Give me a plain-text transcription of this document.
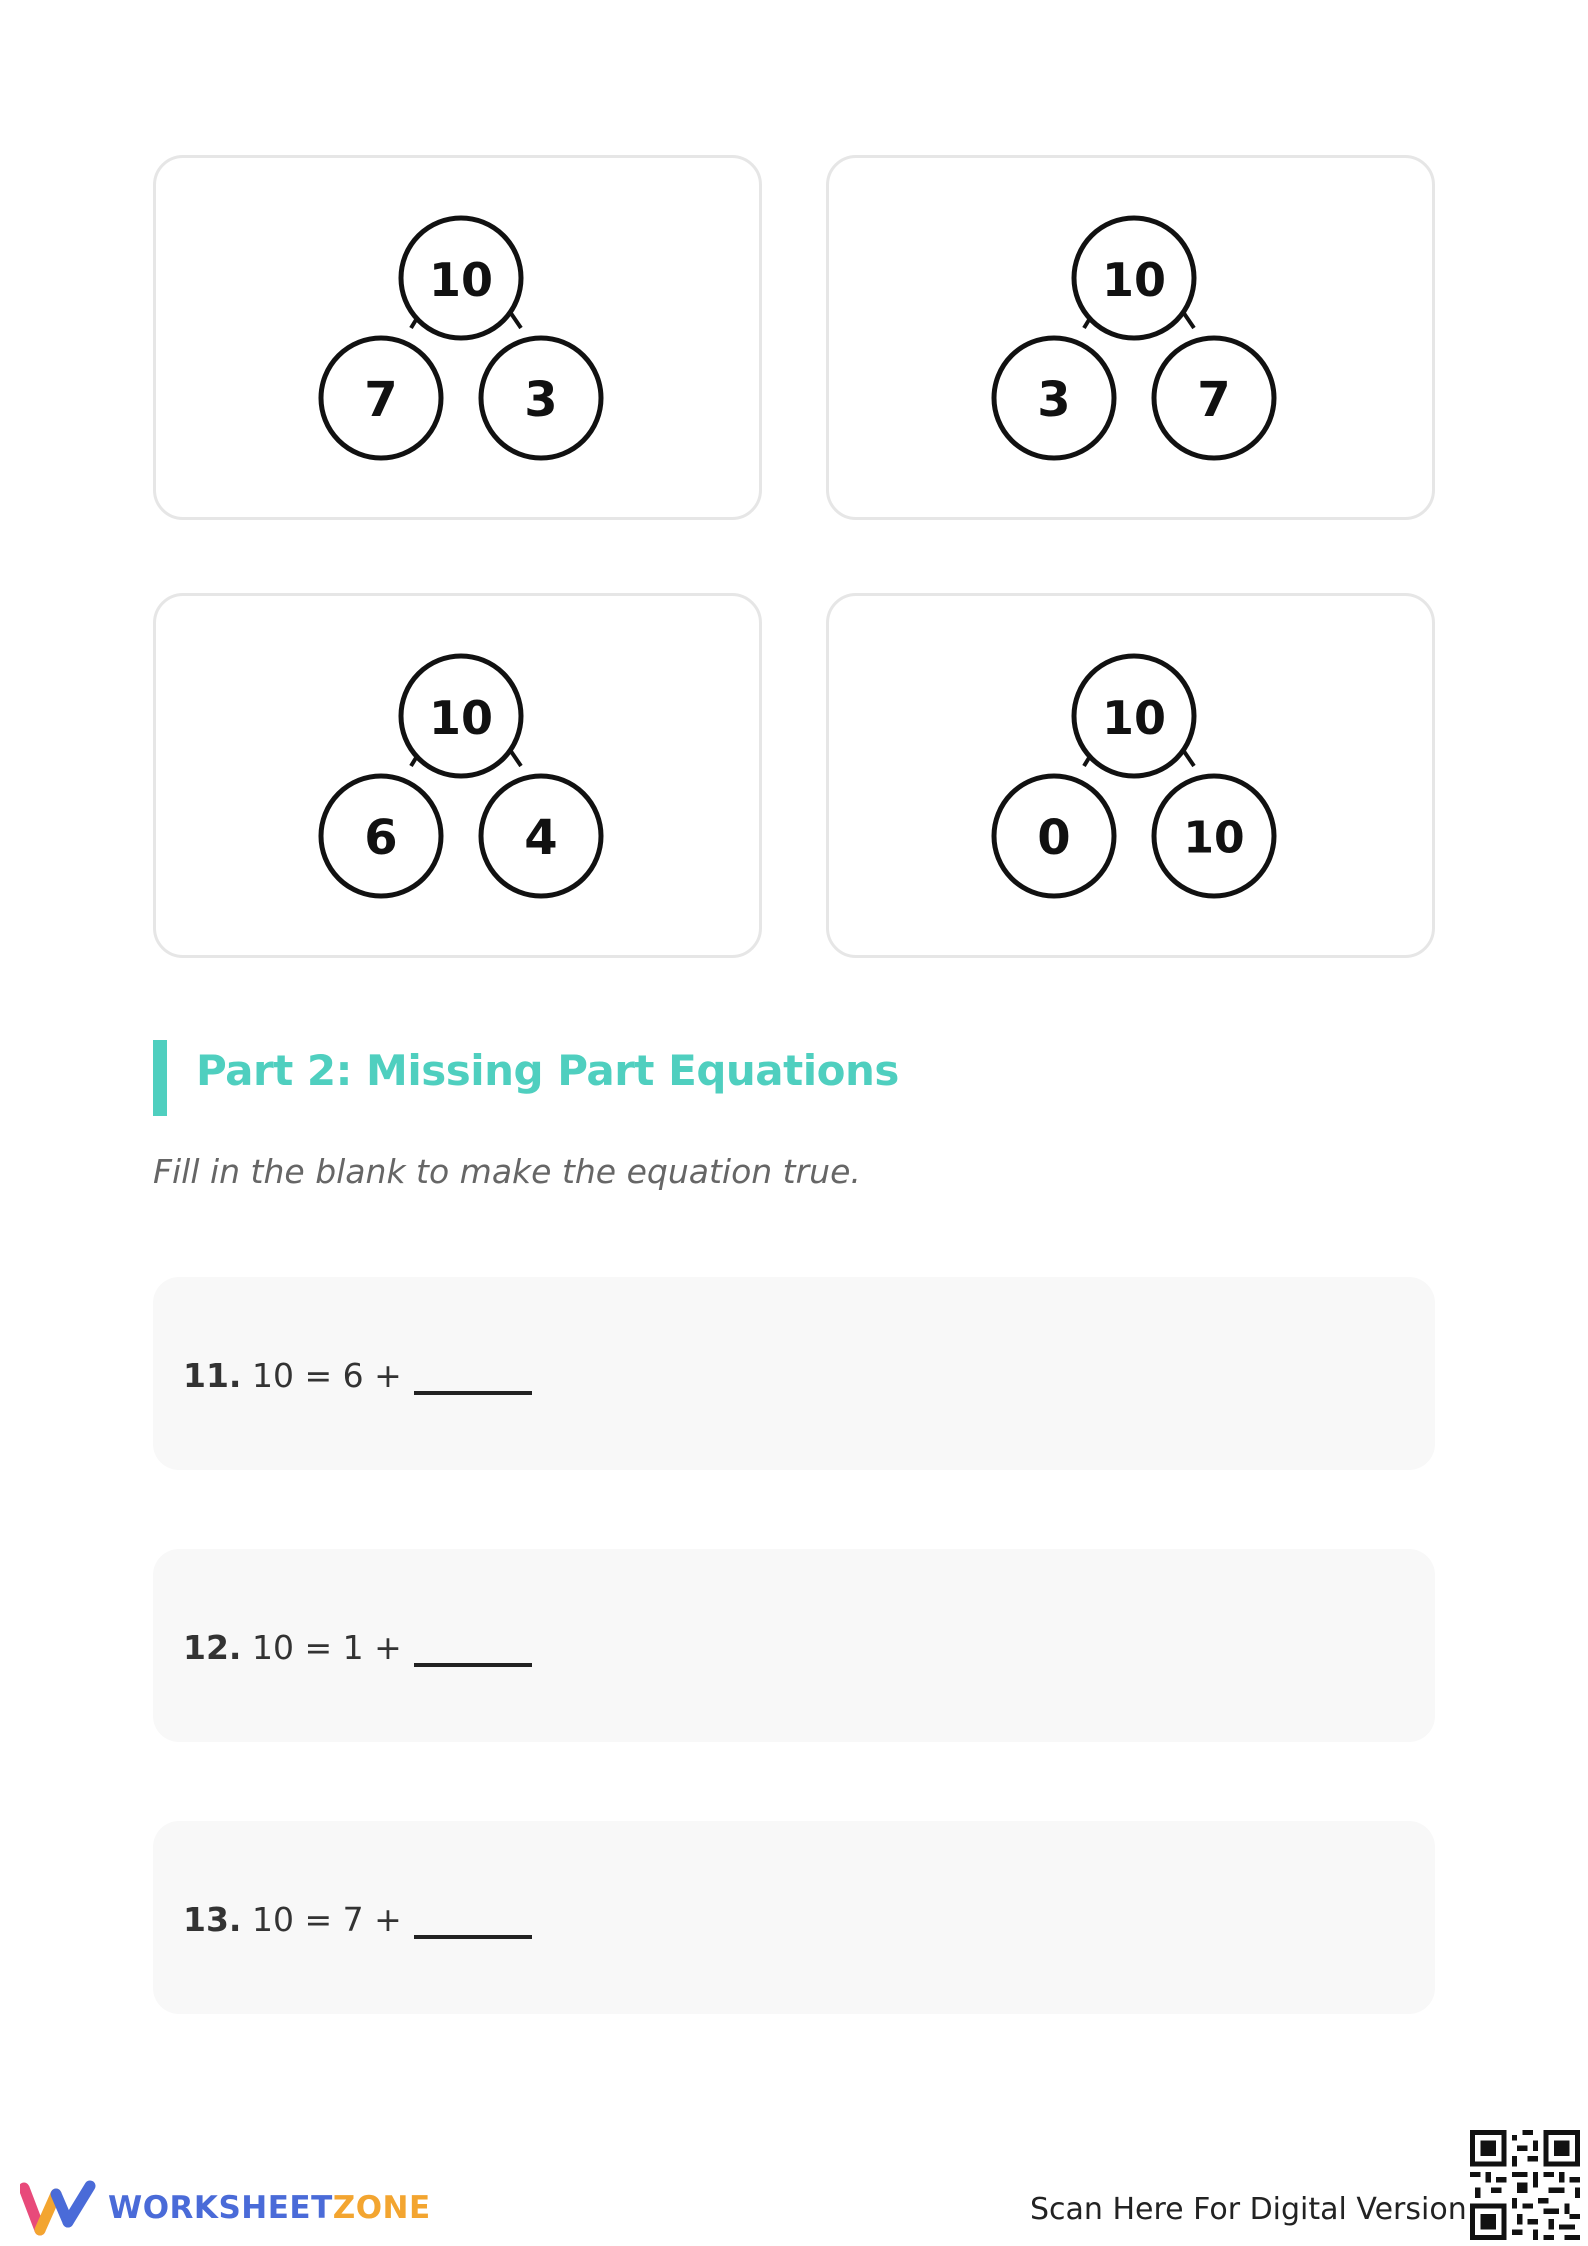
10
7	3
10
3	7
10
6	4
10
0	10
Part 2: Missing Part Equations

Fill in the blank to make the equation true.

11.
10 = 6 +
12.
10 = 1 +
13.
10 = 7 +
WORKSHEETZONE	Scan Here For Digital Version
